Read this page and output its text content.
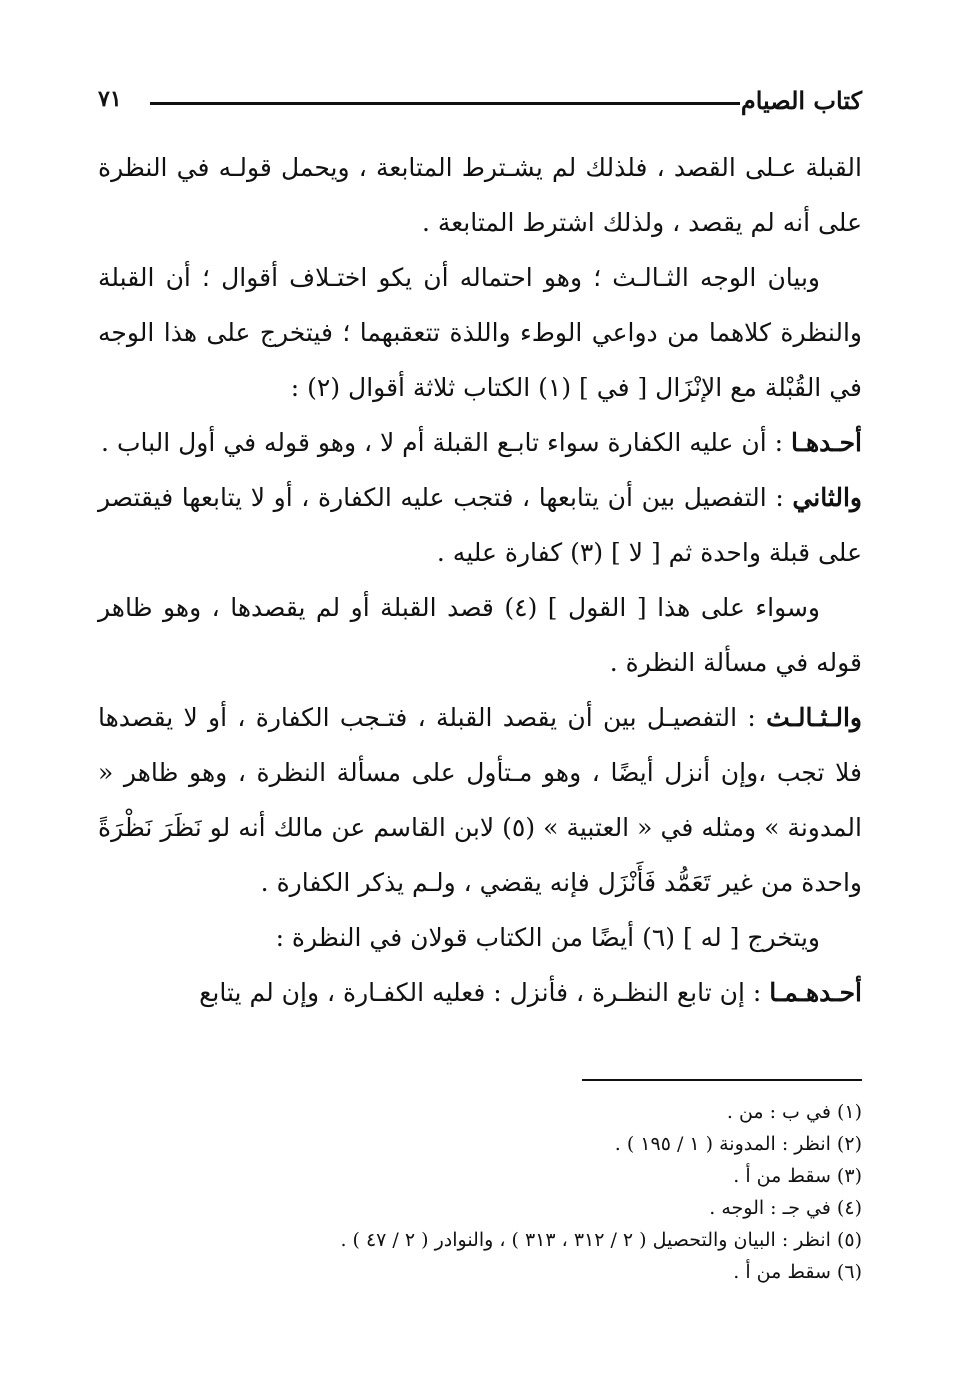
كتاب الصيام
٧١

القبلة عـلى القصد ، فلذلك لم يشـترط المتابعة ، ويحمل قولـه في النظرة على أنه لم يقصد ، ولذلك اشترط المتابعة .

وبيان الوجه الثـالـث ؛ وهو احتماله أن يكو اختـلاف أقوال ؛ أن القبلة والنظرة كلاهما من دواعي الوطء واللذة تتعقبهما ؛ فيتخرج على هذا الوجه في القُبْلة مع الإنْزَال [ في ] (١) الكتاب ثلاثة أقوال (٢) :

أحـدهـا : أن عليه الكفارة سواء تابـع القبلة أم لا ، وهو قوله في أول الباب .

والثاني : التفصيل بين أن يتابعها ، فتجب عليه الكفارة ، أو لا يتابعها فيقتصر على قبلة واحدة ثم [ لا ] (٣) كفارة عليه .

وسواء على هذا [ القول ] (٤) قصد القبلة أو لم يقصدها ، وهو ظاهر قوله في مسألة النظرة .

والـثـالـث : التفصيـل بين أن يقصد القبلة ، فتـجب الكفارة ، أو لا يقصدها فلا تجب ،وإن أنزل أيضًا ، وهو مـتأول على مسألة النظرة ، وهو ظاهر « المدونة » ومثله في « العتبية » (٥) لابن القاسم عن مالك أنه لو نَظَرَ نَظْرَةً واحدة من غير تَعَمُّد فَأَنْزَل فإنه يقضي ، ولـم يذكر الكفارة .

ويتخرج [ له ] (٦) أيضًا من الكتاب قولان في النظرة :

أحـدهـمـا : إن تابع النظـرة ، فأنزل : فعليه الكفـارة ، وإن لم يتابع

(١) في ب : من .
(٢) انظر : المدونة ( ١ / ١٩٥ ) .
(٣) سقط من أ .
(٤) في جـ : الوجه .
(٥) انظر : البيان والتحصيل ( ٢ / ٣١٢ ، ٣١٣ ) ، والنوادر ( ٢ / ٤٧ ) .
(٦) سقط من أ .
